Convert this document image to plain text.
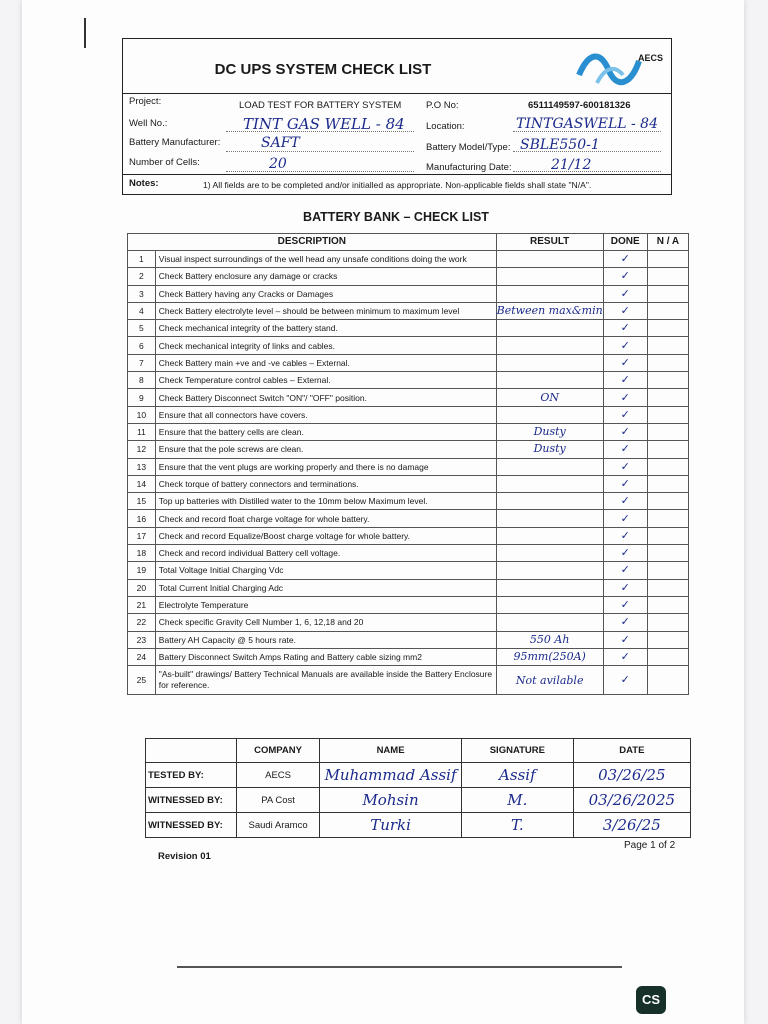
DC UPS SYSTEM CHECK LIST
AECS
Project:	LOAD TEST FOR BATTERY SYSTEM	P.O No:	6511149597-600181326
Well No.:	TINT GAS WELL - 84 Location:	TINTGASWELL - 84
Battery Manufacturer:	SAFT	Battery Model/Type: SBLE550-1
Number of Cells:	20	Manufacturing Date:	21/12
Notes:	1) All fields are to be completed and/or initialled as appropriate. Non-applicable fields shall state "N/A".
BATTERY BANK – CHECK LIST
DESCRIPTION		RESULT	DONE	N / A
1	Visual inspect surroundings of the well head any unsafe conditions doing the work		✓	
2	Check Battery enclosure any damage or cracks		✓	
3	Check Battery having any Cracks or Damages		✓	
4	Check Battery electrolyte level – should be between minimum to maximum level	Between max&min	✓	
5	Check mechanical integrity of the battery stand.		✓	
6	Check mechanical integrity of links and cables.		✓	
7	Check Battery main +ve and -ve cables – External.		✓	
8	Check Temperature control cables – External.		✓	
9	Check Battery Disconnect Switch "ON"/ "OFF" position.	ON	✓	
10	Ensure that all connectors have covers.		✓	
11	Ensure that the battery cells are clean.	Dusty	✓	
12	Ensure that the pole screws are clean.	Dusty	✓	
13	Ensure that the vent plugs are working properly and there is no damage		✓	
14	Check torque of battery connectors and terminations.		✓	
15	Top up batteries with Distilled water to the 10mm below Maximum level.		✓	
16	Check and record float charge voltage for whole battery.		✓	
17	Check and record Equalize/Boost charge voltage for whole battery.		✓	
18	Check and record individual Battery cell voltage.		✓	
19	Total Voltage Initial Charging Vdc		✓	
20	Total Current Initial Charging Adc		✓	
21	Electrolyte Temperature		✓	
22	Check specific Gravity Cell Number 1, 6, 12,18 and 20		✓	
23	Battery AH Capacity @ 5 hours rate.	550 Ah	✓	
24	Battery Disconnect Switch Amps Rating and Battery cable sizing mm2	95mm(250A)	✓	
25	"As-built" drawings/ Battery Technical Manuals are available inside the Battery Enclosure for reference.	Not avilable	✓	
	COMPANY	NAME	SIGNATURE	DATE
TESTED BY:	AECS	Muhammad Assif	Assif	03/26/25
WITNESSED BY:	PA Cost	Mohsin	M.	03/26/2025
WITNESSED BY:	Saudi Aramco	Turki	T.	3/26/25
Page 1 of 2
Revision 01
CS
